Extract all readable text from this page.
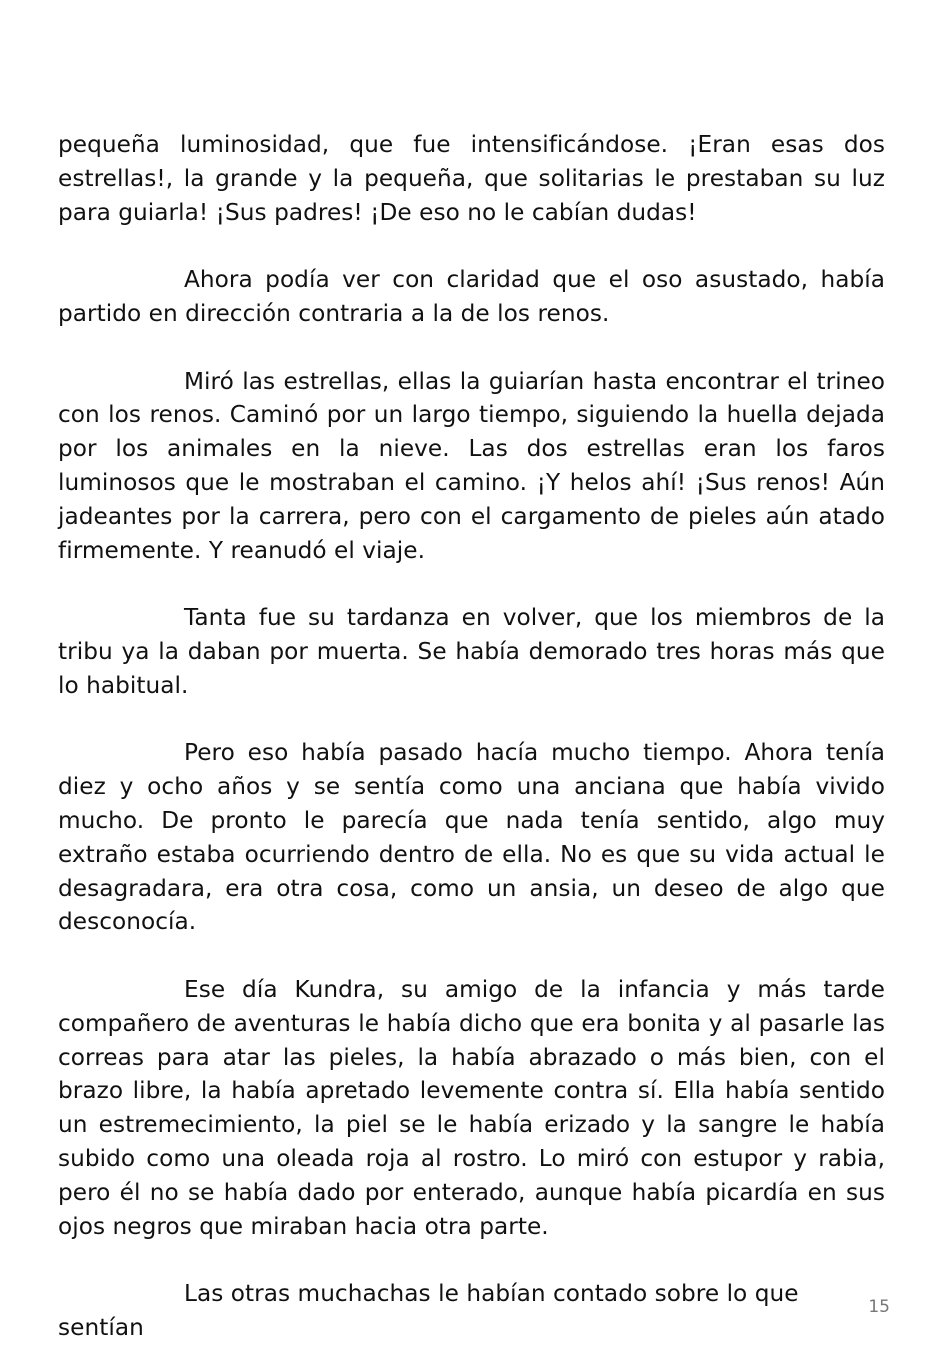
pequeña luminosidad, que fue intensificándose. ¡Eran esas dos estrellas!, la grande y la pequeña, que solitarias le prestaban su luz para guiarla! ¡Sus padres! ¡De eso no le cabían dudas!

Ahora podía ver con claridad que el oso asustado, había partido en dirección contraria a la de los renos.

Miró las estrellas, ellas la guiarían hasta encontrar el trineo con los renos. Caminó por un largo tiempo, siguiendo la huella dejada por los animales en la nieve. Las dos estrellas eran los faros luminosos que le mostraban el camino. ¡Y helos ahí! ¡Sus renos! Aún jadeantes por la carrera, pero con el cargamento de pieles aún atado firmemente. Y reanudó el viaje.

Tanta fue su tardanza en volver, que los miembros de la tribu ya la daban por muerta. Se había demorado tres horas más que lo habitual.

Pero eso había pasado hacía mucho tiempo. Ahora tenía diez y ocho años y se sentía como una anciana que había vivido mucho. De pronto le parecía que nada tenía sentido, algo muy extraño estaba ocurriendo dentro de ella. No es que su vida actual le desagradara, era otra cosa, como un ansia, un deseo de algo que desconocía.

Ese día Kundra, su amigo de la infancia y más tarde compañero de aventuras le había dicho que era bonita y al pasarle las correas para atar las pieles, la había abrazado o más bien, con el brazo libre, la había apretado levemente contra sí. Ella había sentido un estremecimiento, la piel se le había erizado y la sangre le había subido como una oleada roja al rostro. Lo miró con estupor y rabia, pero él no se había dado por enterado, aunque había picardía en sus ojos negros que miraban hacia otra parte.

Las otras muchachas le habían contado sobre lo que sentían

15
